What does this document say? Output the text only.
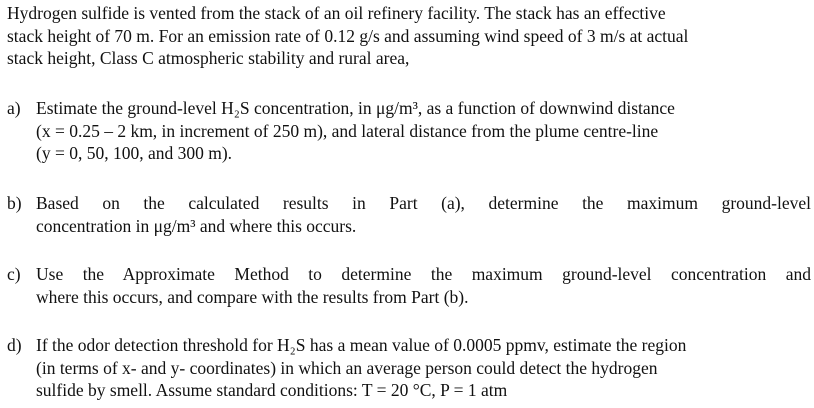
Hydrogen sulfide is vented from the stack of an oil refinery facility. The stack has an effective
stack height of 70 m. For an emission rate of 0.12 g/s and assuming wind speed of 3 m/s at actual
stack height, Class C atmospheric stability and rural area,
a) Estimate the ground-level H₂S concentration, in μg/m³, as a function of downwind distance
(x = 0.25 – 2 km, in increment of 250 m), and lateral distance from the plume centre-line
(y = 0, 50, 100, and 300 m).
b) Based on the calculated results in Part (a), determine the maximum ground-level
concentration in μg/m³ and where this occurs.
c) Use the Approximate Method to determine the maximum ground-level concentration and
where this occurs, and compare with the results from Part (b).
d) If the odor detection threshold for H₂S has a mean value of 0.0005 ppmv, estimate the region
(in terms of x- and y- coordinates) in which an average person could detect the hydrogen
sulfide by smell. Assume standard conditions: T = 20 °C, P = 1 atm
